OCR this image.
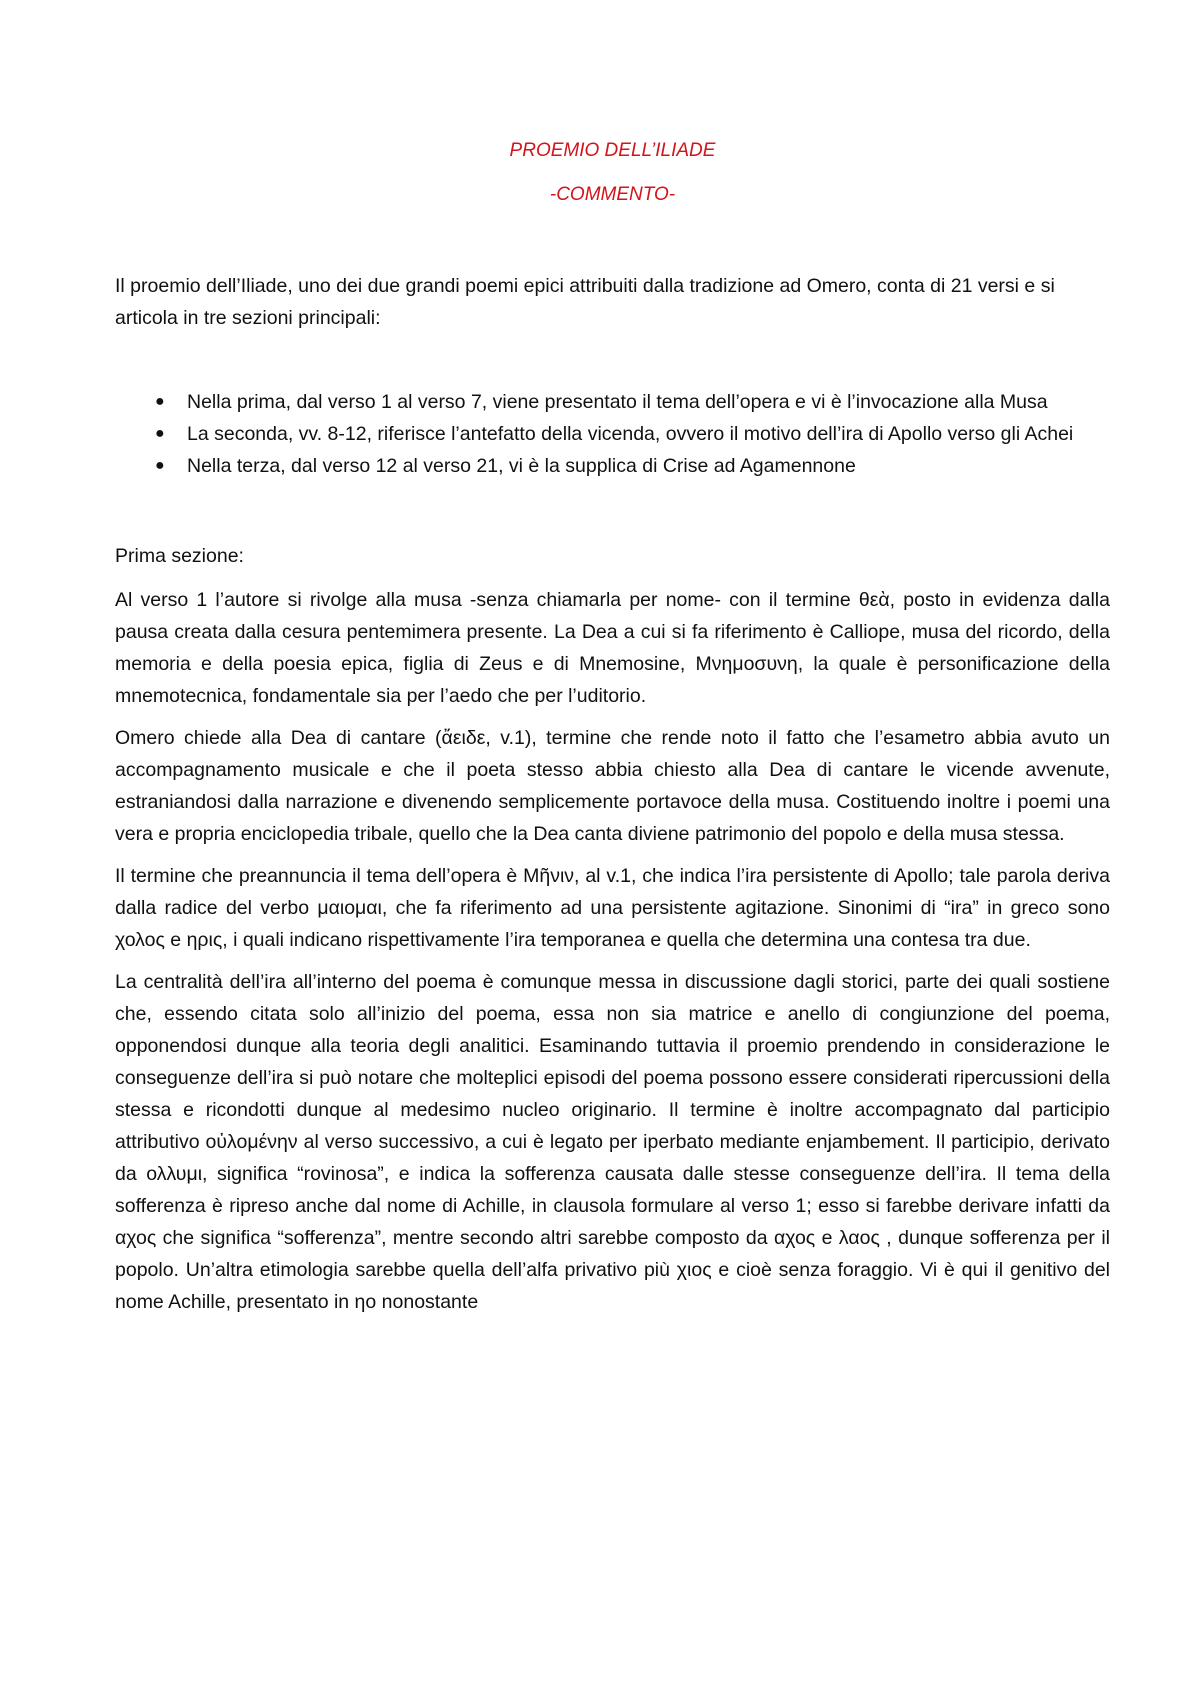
PROEMIO DELL’ILIADE

-COMMENTO-

Il proemio dell’Iliade, uno dei due grandi poemi epici attribuiti dalla tradizione ad Omero, conta di 21 versi e si articola in tre sezioni principali:

● Nella prima, dal verso 1 al verso 7, viene presentato il tema dell’opera e vi è l’invocazione alla Musa
● La seconda, vv. 8-12, riferisce l’antefatto della vicenda, ovvero il motivo dell’ira di Apollo verso gli Achei
● Nella terza, dal verso 12 al verso 21, vi è la supplica di Crise ad Agamennone

Prima sezione:

Al verso 1 l’autore si rivolge alla musa -senza chiamarla per nome- con il termine θεὰ, posto in evidenza dalla pausa creata dalla cesura pentemimera presente. La Dea a cui si fa riferimento è Calliope, musa del ricordo, della memoria e della poesia epica, figlia di Zeus e di Mnemosine, Μνημοσυνη, la quale è personificazione della mnemotecnica, fondamentale sia per l’aedo che per l’uditorio.

Omero chiede alla Dea di cantare (ἄειδε, v.1), termine che rende noto il fatto che l’esametro abbia avuto un accompagnamento musicale e che il poeta stesso abbia chiesto alla Dea di cantare le vicende avvenute, estraniandosi dalla narrazione e divenendo semplicemente portavoce della musa. Costituendo inoltre i poemi una vera e propria enciclopedia tribale, quello che la Dea canta diviene patrimonio del popolo e della musa stessa.

Il termine che preannuncia il tema dell’opera è Μῆνιν, al v.1, che indica l’ira persistente di Apollo; tale parola deriva dalla radice del verbo μαιομαι, che fa riferimento ad una persistente agitazione. Sinonimi di “ira” in greco sono χολος e ηρις, i quali indicano rispettivamente l’ira temporanea e quella che determina una contesa tra due.

La centralità dell’ira all’interno del poema è comunque messa in discussione dagli storici, parte dei quali sostiene che, essendo citata solo all’inizio del poema, essa non sia matrice e anello di congiunzione del poema, opponendosi dunque alla teoria degli analitici. Esaminando tuttavia il proemio prendendo in considerazione le conseguenze dell’ira si può notare che molteplici episodi del poema possono essere considerati ripercussioni della stessa e ricondotti dunque al medesimo nucleo originario. Il termine è inoltre accompagnato dal participio attributivo οὐλομένην al verso successivo, a cui è legato per iperbato mediante enjambement. Il participio, derivato da ολλυμι, significa “rovinosa”, e indica la sofferenza causata dalle stesse conseguenze dell’ira. Il tema della sofferenza è ripreso anche dal nome di Achille, in clausola formulare al verso 1; esso si farebbe derivare infatti da αχος che significa “sofferenza”, mentre secondo altri sarebbe composto da αχος e λαος , dunque sofferenza per il popolo. Un’altra etimologia sarebbe quella dell’alfa privativo più χιος e cioè senza foraggio. Vi è qui il genitivo del nome Achille, presentato in ηο nonostante
